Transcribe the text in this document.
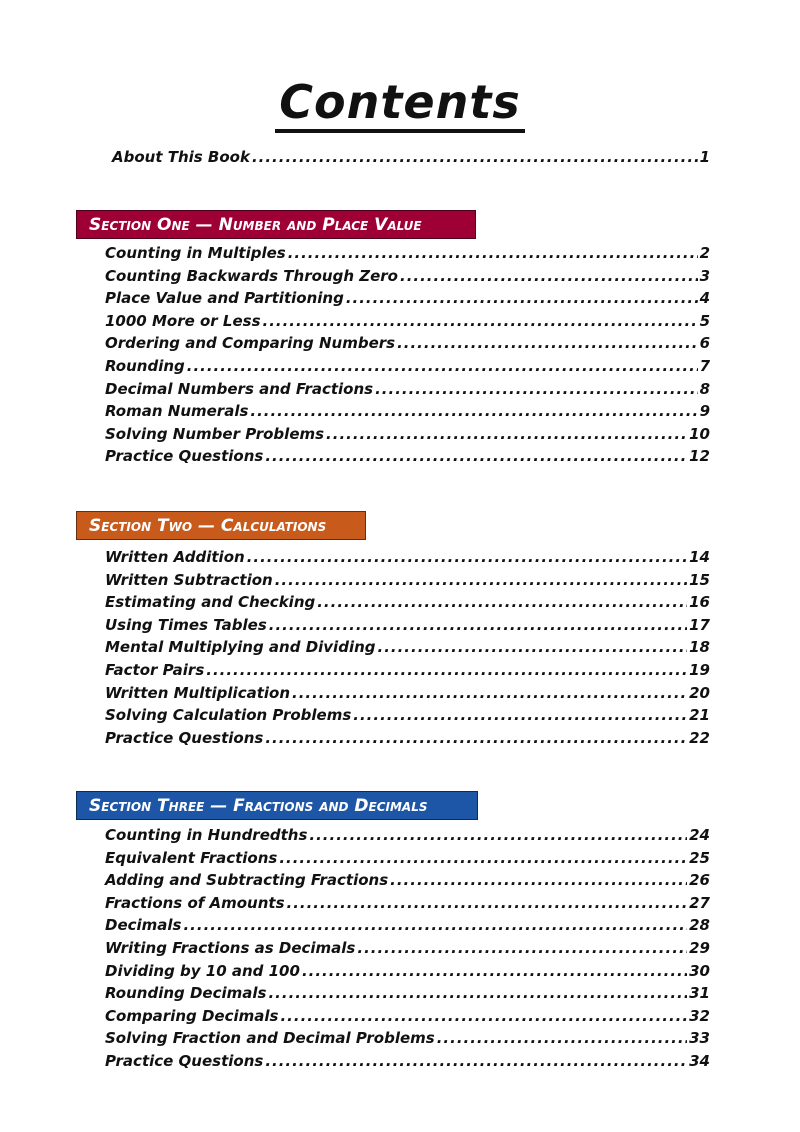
Contents
About This Book .....	1
Section One — Number and Place Value
Counting in Multiples .....	2
Counting Backwards Through Zero .....	3
Place Value and Partitioning .....	4
1000 More or Less .....	5
Ordering and Comparing Numbers .....	6
Rounding .....	7
Decimal Numbers and Fractions .....	8
Roman Numerals .....	9
Solving Number Problems .....	10
Practice Questions .....	12
Section Two — Calculations
Written Addition .....	14
Written Subtraction .....	15
Estimating and Checking .....	16
Using Times Tables .....	17
Mental Multiplying and Dividing .....	18
Factor Pairs .....	19
Written Multiplication .....	20
Solving Calculation Problems .....	21
Practice Questions .....	22
Section Three — Fractions and Decimals
Counting in Hundredths .....	24
Equivalent Fractions .....	25
Adding and Subtracting Fractions .....	26
Fractions of Amounts .....	27
Decimals .....	28
Writing Fractions as Decimals .....	29
Dividing by 10 and 100 .....	30
Rounding Decimals .....	31
Comparing Decimals .....	32
Solving Fraction and Decimal Problems .....	33
Practice Questions .....	34
